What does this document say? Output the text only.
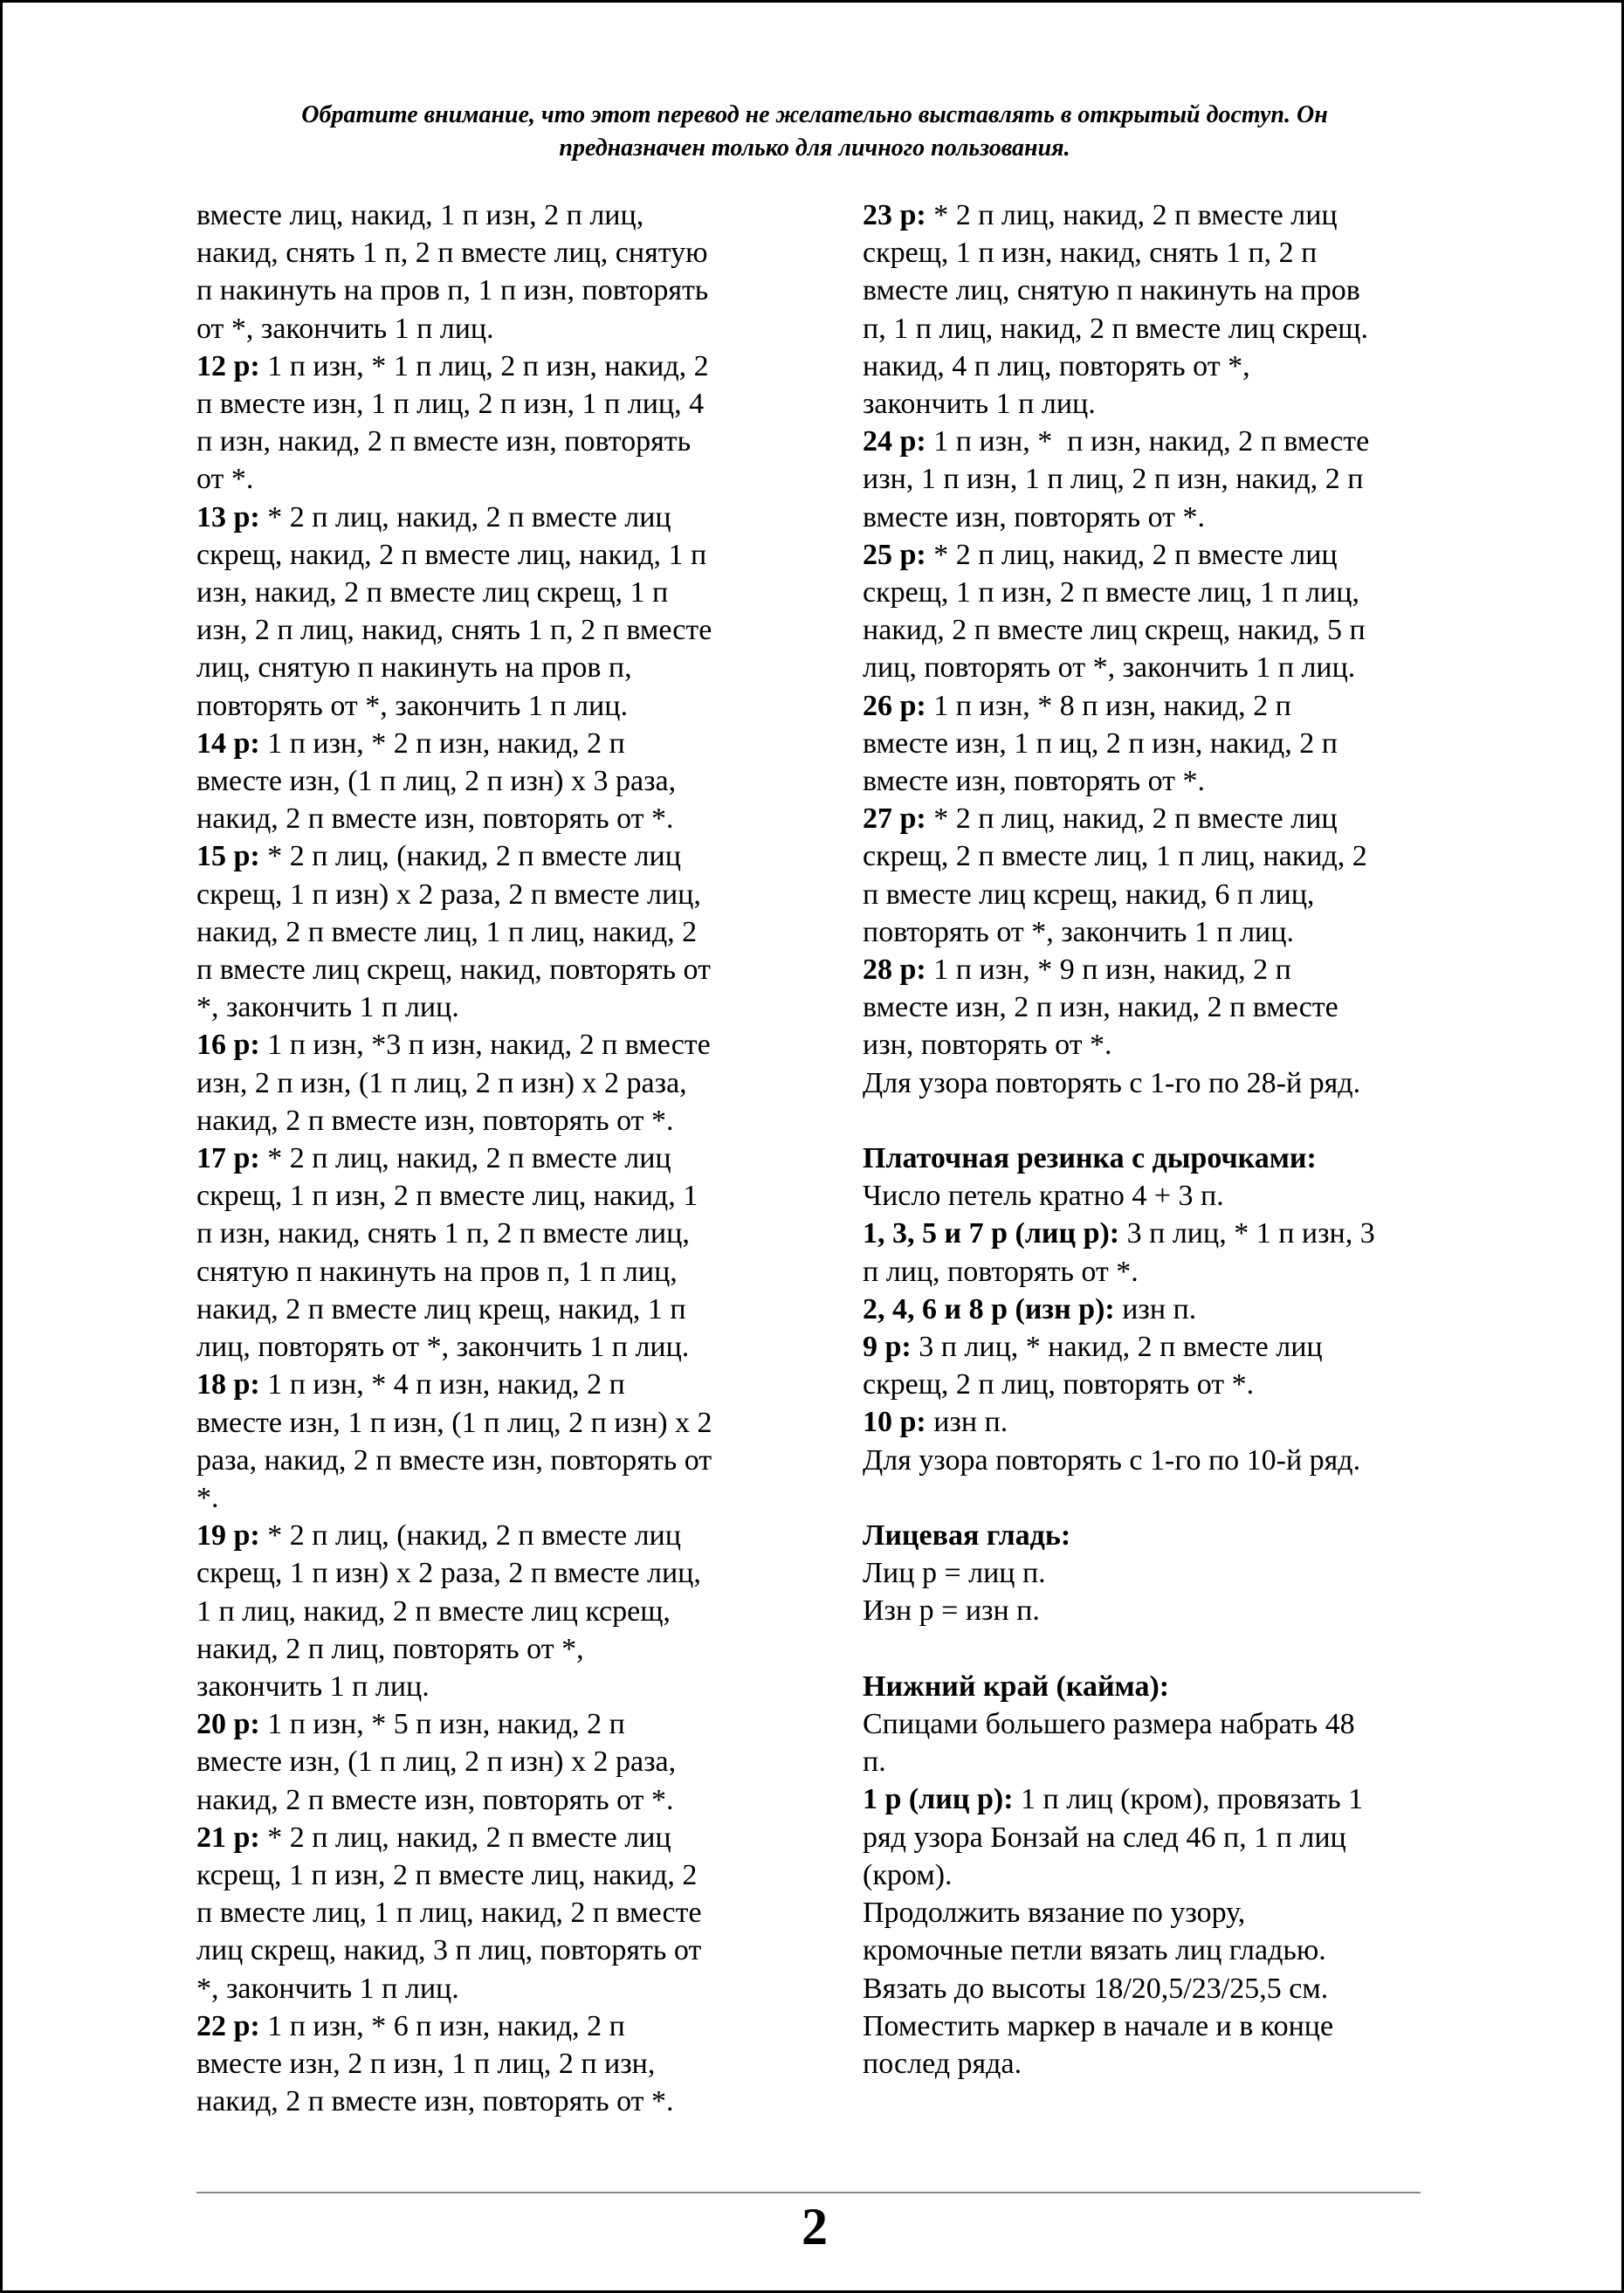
Обратите внимание, что этот перевод не желательно выставлять в открытый доступ. Он
предназначен только для личного пользования.

вместе лиц, накид, 1 п изн, 2 п лиц,
накид, снять 1 п, 2 п вместе лиц, снятую
п накинуть на пров п, 1 п изн, повторять
от *, закончить 1 п лиц.

12 р: 1 п изн, * 1 п лиц, 2 п изн, накид, 2
п вместе изн, 1 п лиц, 2 п изн, 1 п лиц, 4
п изн, накид, 2 п вместе изн, повторять
от *.

13 р: * 2 п лиц, накид, 2 п вместе лиц
скрещ, накид, 2 п вместе лиц, накид, 1 п
изн, накид, 2 п вместе лиц скрещ, 1 п
изн, 2 п лиц, накид, снять 1 п, 2 п вместе
лиц, снятую п накинуть на пров п,
повторять от *, закончить 1 п лиц.

14 р: 1 п изн, * 2 п изн, накид, 2 п
вместе изн, (1 п лиц, 2 п изн) х 3 раза,
накид, 2 п вместе изн, повторять от *.

15 р: * 2 п лиц, (накид, 2 п вместе лиц
скрещ, 1 п изн) х 2 раза, 2 п вместе лиц,
накид, 2 п вместе лиц, 1 п лиц, накид, 2
п вместе лиц скрещ, накид, повторять от
*, закончить 1 п лиц.

16 р: 1 п изн, *3 п изн, накид, 2 п вместе
изн, 2 п изн, (1 п лиц, 2 п изн) х 2 раза,
накид, 2 п вместе изн, повторять от *.

17 р: * 2 п лиц, накид, 2 п вместе лиц
скрещ, 1 п изн, 2 п вместе лиц, накид, 1
п изн, накид, снять 1 п, 2 п вместе лиц,
снятую п накинуть на пров п, 1 п лиц,
накид, 2 п вместе лиц крещ, накид, 1 п
лиц, повторять от *, закончить 1 п лиц.

18 р: 1 п изн, * 4 п изн, накид, 2 п
вместе изн, 1 п изн, (1 п лиц, 2 п изн) х 2
раза, накид, 2 п вместе изн, повторять от
*.

19 р: * 2 п лиц, (накид, 2 п вместе лиц
скрещ, 1 п изн) х 2 раза, 2 п вместе лиц,
1 п лиц, накид, 2 п вместе лиц ксрещ,
накид, 2 п лиц, повторять от *,
закончить 1 п лиц.

20 р: 1 п изн, * 5 п изн, накид, 2 п
вместе изн, (1 п лиц, 2 п изн) х 2 раза,
накид, 2 п вместе изн, повторять от *.

21 р: * 2 п лиц, накид, 2 п вместе лиц
ксрещ, 1 п изн, 2 п вместе лиц, накид, 2
п вместе лиц, 1 п лиц, накид, 2 п вместе
лиц скрещ, накид, 3 п лиц, повторять от
*, закончить 1 п лиц.

22 р: 1 п изн, * 6 п изн, накид, 2 п
вместе изн, 2 п изн, 1 п лиц, 2 п изн,
накид, 2 п вместе изн, повторять от *.

23 р: * 2 п лиц, накид, 2 п вместе лиц
скрещ, 1 п изн, накид, снять 1 п, 2 п
вместе лиц, снятую п накинуть на пров
п, 1 п лиц, накид, 2 п вместе лиц скрещ.
накид, 4 п лиц, повторять от *,
закончить 1 п лиц.

24 р: 1 п изн, *  п изн, накид, 2 п вместе
изн, 1 п изн, 1 п лиц, 2 п изн, накид, 2 п
вместе изн, повторять от *.

25 р: * 2 п лиц, накид, 2 п вместе лиц
скрещ, 1 п изн, 2 п вместе лиц, 1 п лиц,
накид, 2 п вместе лиц скрещ, накид, 5 п
лиц, повторять от *, закончить 1 п лиц.

26 р: 1 п изн, * 8 п изн, накид, 2 п
вместе изн, 1 п иц, 2 п изн, накид, 2 п
вместе изн, повторять от *.

27 р: * 2 п лиц, накид, 2 п вместе лиц
скрещ, 2 п вместе лиц, 1 п лиц, накид, 2
п вместе лиц ксрещ, накид, 6 п лиц,
повторять от *, закончить 1 п лиц.

28 р: 1 п изн, * 9 п изн, накид, 2 п
вместе изн, 2 п изн, накид, 2 п вместе
изн, повторять от *.

Для узора повторять с 1-го по 28-й ряд.

Платочная резинка с дырочками:

Число петель кратно 4 + 3 п.

1, 3, 5 и 7 р (лиц р): 3 п лиц, * 1 п изн, 3
п лиц, повторять от *.

2, 4, 6 и 8 р (изн р): изн п.

9 р: 3 п лиц, * накид, 2 п вместе лиц
скрещ, 2 п лиц, повторять от *.

10 р: изн п.

Для узора повторять с 1-го по 10-й ряд.

Лицевая гладь:

Лиц р = лиц п.
Изн р = изн п.

Нижний край (кайма):

Спицами большего размера набрать 48
п.

1 р (лиц р): 1 п лиц (кром), провязать 1
ряд узора Бонзай на след 46 п, 1 п лиц
(кром).
Продолжить вязание по узору,
кромочные петли вязать лиц гладью.
Вязать до высоты 18/20,5/23/25,5 см.
Поместить маркер в начале и в конце
послед ряда.

2
